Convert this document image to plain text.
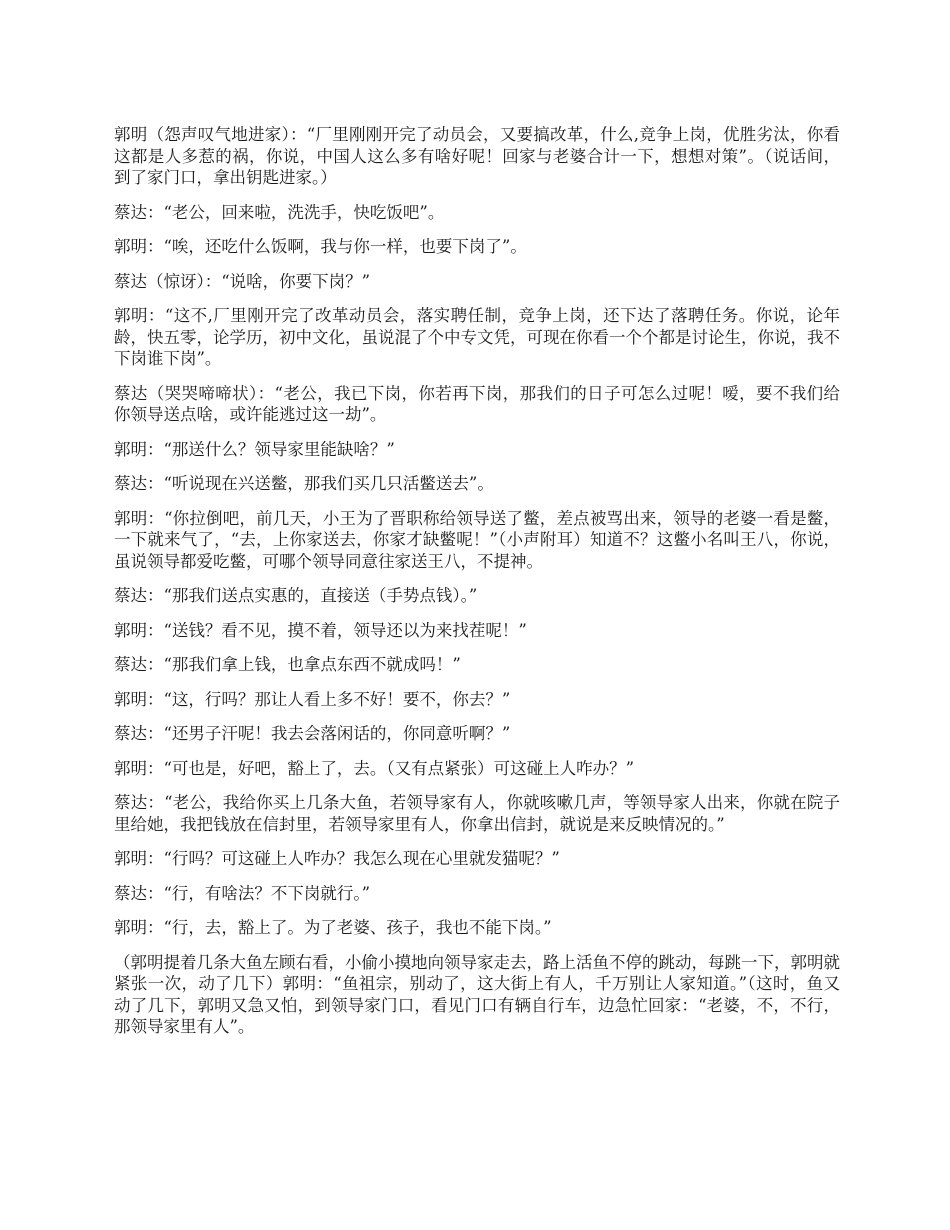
郭明（怨声叹气地进家）：“厂里刚刚开完了动员会，又要搞改革，什么,竞争上岗，优胜劣汰，你看这都是人多惹的祸，你说，中国人这么多有啥好呢！回家与老婆合计一下，想想对策”。（说话间，到了家门口，拿出钥匙进家。）

蔡达：“老公，回来啦，洗洗手，快吃饭吧”。

郭明：“唉，还吃什么饭啊，我与你一样，也要下岗了”。

蔡达（惊讶）：“说啥，你要下岗？”

郭明：“这不,厂里刚开完了改革动员会，落实聘任制，竞争上岗，还下达了落聘任务。你说，论年龄，快五零，论学历，初中文化，虽说混了个中专文凭，可现在你看一个个都是讨论生，你说，我不下岗谁下岗”。

蔡达（哭哭啼啼状）：“老公，我已下岗，你若再下岗，那我们的日子可怎么过呢！嗳，要不我们给你领导送点啥，或许能逃过这一劫”。

郭明：“那送什么？领导家里能缺啥？”

蔡达：“听说现在兴送鳖，那我们买几只活鳖送去”。

郭明：“你拉倒吧，前几天，小王为了晋职称给领导送了鳖，差点被骂出来，领导的老婆一看是鳖，一下就来气了，“去，上你家送去，你家才缺鳖呢！”（小声附耳）知道不？这鳖小名叫王八，你说，虽说领导都爱吃鳖，可哪个领导同意往家送王八，不提神。

蔡达：“那我们送点实惠的，直接送（手势点钱）。”

郭明：“送钱？看不见，摸不着，领导还以为来找茬呢！”

蔡达：“那我们拿上钱，也拿点东西不就成吗！”

郭明：“这，行吗？那让人看上多不好！要不，你去？”

蔡达：“还男子汗呢！我去会落闲话的，你同意听啊？”

郭明：“可也是，好吧，豁上了，去。（又有点紧张）可这碰上人咋办？”

蔡达：“老公，我给你买上几条大鱼，若领导家有人，你就咳嗽几声，等领导家人出来，你就在院子里给她，我把钱放在信封里，若领导家里有人，你拿出信封，就说是来反映情况的。”

郭明：“行吗？可这碰上人咋办？我怎么现在心里就发猫呢？”

蔡达：“行，有啥法？不下岗就行。”

郭明：“行，去，豁上了。为了老婆、孩子，我也不能下岗。”

（郭明提着几条大鱼左顾右看，小偷小摸地向领导家走去，路上活鱼不停的跳动，每跳一下，郭明就紧张一次，动了几下）郭明：“鱼祖宗，别动了，这大街上有人，千万别让人家知道。”（这时，鱼又动了几下，郭明又急又怕，到领导家门口，看见门口有辆自行车，边急忙回家：“老婆，不，不行，那领导家里有人”。
